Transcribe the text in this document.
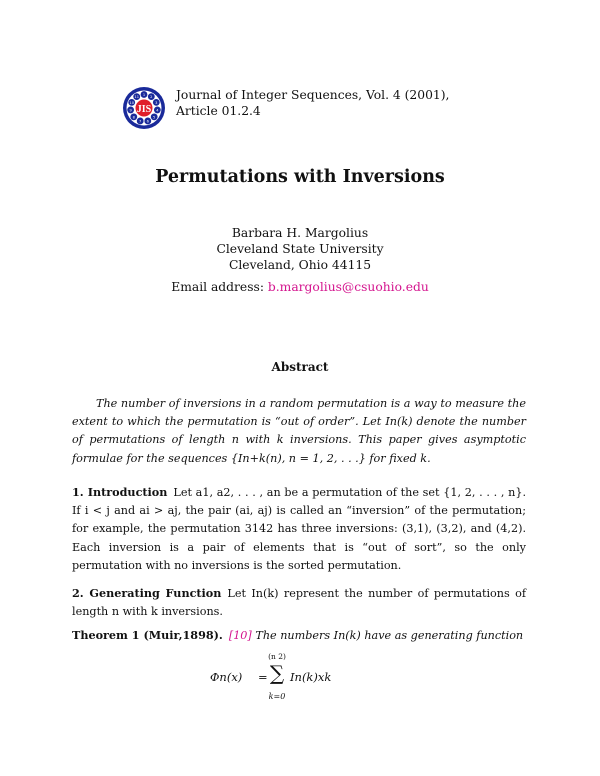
1
2
3
4
5
6
7
8
9
10
11
JIS
Journal of Integer Sequences, Vol. 4 (2001),
Article 01.2.4
Permutations with Inversions
Barbara H. Margolius
Cleveland State University
Cleveland, Ohio 44115
Email address: b.margolius@csuohio.edu
Abstract
The number of inversions in a random permutation is a way to measure the extent to which the permutation is “out of order”. Let In(k) denote the number of permutations of length n with k inversions. This paper gives asymptotic formulae for the sequences {In+k(n), n = 1, 2, . . .} for fixed k.
1. Introduction Let a1, a2, . . . , an be a permutation of the set {1, 2, . . . , n}. If i < j and ai > aj, the pair (ai, aj) is called an “inversion” of the permutation; for example, the permutation 3142 has three inversions: (3,1), (3,2), and (4,2). Each inversion is a pair of elements that is “out of sort”, so the only permutation with no inversions is the sorted permutation.
2. Generating Function Let In(k) represent the number of permutations of length n with k inversions.
Theorem 1 (Muir,1898). [10] The numbers In(k) have as generating function
Φn(x) =
(n 2)
∑
k=0
In(k)xk
